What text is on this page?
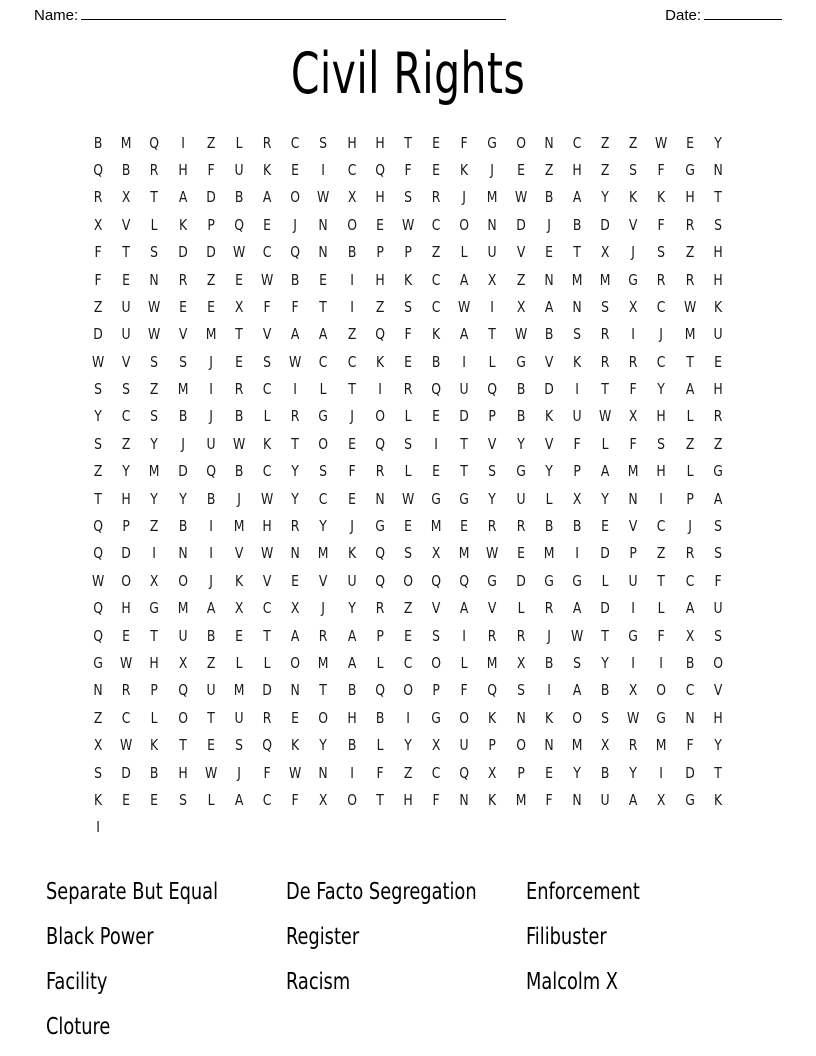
Name:	Date:
Civil Rights
B	M	Q	I	Z	L	R	C	S	H	H	T	E	F	G	O	N	C	Z	Z	W	E	Y
Q	B	R	H	F	U	K	E	I	C	Q	F	E	K	J	E	Z	H	Z	S	F	G	N
R	X	T	A	D	B	A	O	W	X	H	S	R	J	M	W	B	A	Y	K	K	H	T
X	V	L	K	P	Q	E	J	N	O	E	W	C	O	N	D	J	B	D	V	F	R	S
F	T	S	D	D	W	C	Q	N	B	P	P	Z	L	U	V	E	T	X	J	S	Z	H
F	E	N	R	Z	E	W	B	E	I	H	K	C	A	X	Z	N	M	M	G	R	R	H
Z	U	W	E	E	X	F	F	T	I	Z	S	C	W	I	X	A	N	S	X	C	W	K
D	U	W	V	M	T	V	A	A	Z	Q	F	K	A	T	W	B	S	R	I	J	M	U
W	V	S	S	J	E	S	W	C	C	K	E	B	I	L	G	V	K	R	R	C	T	E
S	S	Z	M	I	R	C	I	L	T	I	R	Q	U	Q	B	D	I	T	F	Y	A	H
Y	C	S	B	J	B	L	R	G	J	O	L	E	D	P	B	K	U	W	X	H	L	R
S	Z	Y	J	U	W	K	T	O	E	Q	S	I	T	V	Y	V	F	L	F	S	Z	Z
Z	Y	M	D	Q	B	C	Y	S	F	R	L	E	T	S	G	Y	P	A	M	H	L	G
T	H	Y	Y	B	J	W	Y	C	E	N	W	G	G	Y	U	L	X	Y	N	I	P	A
Q	P	Z	B	I	M	H	R	Y	J	G	E	M	E	R	R	B	B	E	V	C	J	S
Q	D	I	N	I	V	W	N	M	K	Q	S	X	M	W	E	M	I	D	P	Z	R	S
W	O	X	O	J	K	V	E	V	U	Q	O	Q	Q	G	D	G	G	L	U	T	C	F
Q	H	G	M	A	X	C	X	J	Y	R	Z	V	A	V	L	R	A	D	I	L	A	U
Q	E	T	U	B	E	T	A	R	A	P	E	S	I	R	R	J	W	T	G	F	X	S
G	W	H	X	Z	L	L	O	M	A	L	C	O	L	M	X	B	S	Y	I	I	B	O
N	R	P	Q	U	M	D	N	T	B	Q	O	P	F	Q	S	I	A	B	X	O	C	V
Z	C	L	O	T	U	R	E	O	H	B	I	G	O	K	N	K	O	S	W	G	N	H
X	W	K	T	E	S	Q	K	Y	B	L	Y	X	U	P	O	N	M	X	R	M	F	Y
S	D	B	H	W	J	F	W	N	I	F	Z	C	Q	X	P	E	Y	B	Y	I	D	T
K	E	E	S	L	A	C	F	X	O	T	H	F	N	K	M	F	N	U	A	X	G	K
I
Separate But Equal	De Facto Segregation	Enforcement
Black Power	Register	Filibuster
Facility	Racism	Malcolm X
Cloture
